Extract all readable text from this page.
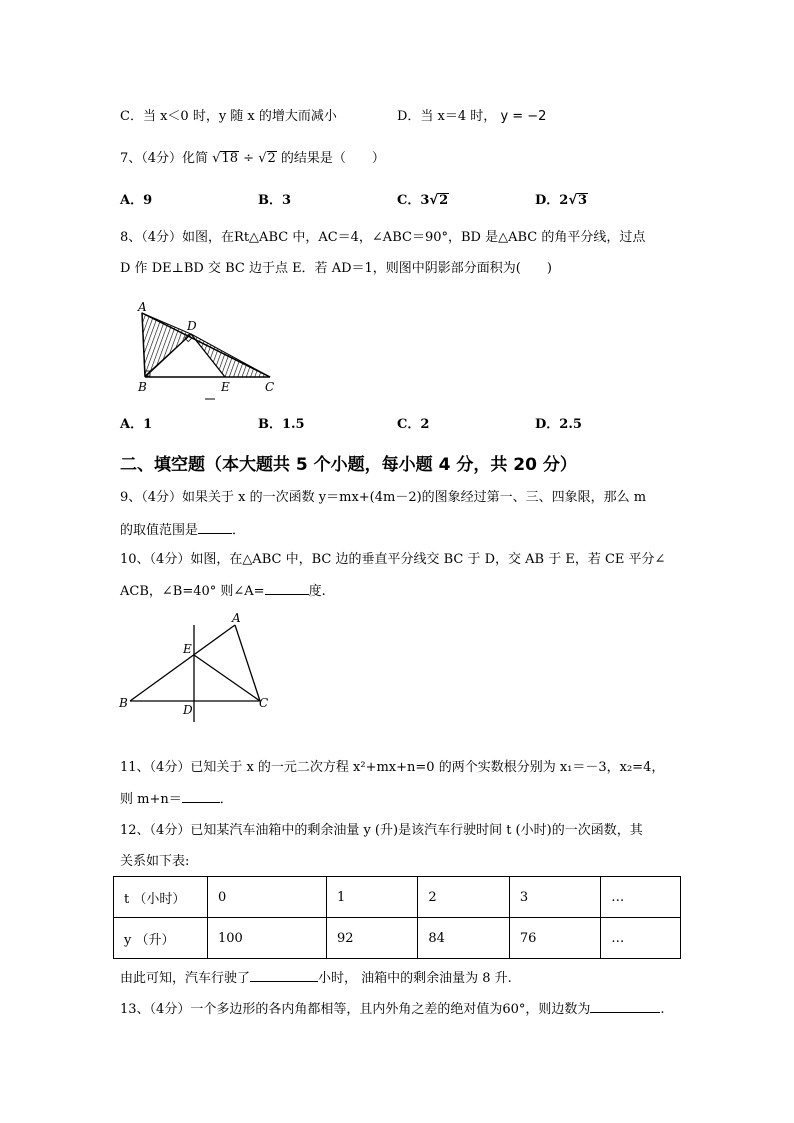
C．当 x＜0 时，y 随 x 的增大而减小	D．当 x＝4 时， y = −2
7、（4分）化简 √18 ÷ √2 的结果是（　　）
A．9	B．3	C．3√2	D．2√3
8、（4分）如图，在Rt△ABC 中，AC＝4，∠ABC＝90°，BD 是△ABC 的角平分线，过点
D 作 DE⊥BD 交 BC 边于点 E．若 AD＝1，则图中阴影部分面积为(　　)
A
D
B	E	C
A．1	B．1.5	C．2	D．2.5
二、填空题（本大题共 5 个小题，每小题 4 分，共 20 分）
9、（4分）如果关于 x 的一次函数 y＝mx+(4m－2)的图象经过第一、三、四象限，那么 m
的取值范围是	．
10、（4分）如图，在△ABC 中，BC 边的垂直平分线交 BC 于 D，交 AB 于 E，若 CE 平分∠
ACB，∠B=40° 则∠A=	度.
A
E
B	D	C
11、（4分）已知关于 x 的一元二次方程 x²+mx+n=0 的两个实数根分别为 x₁＝－3，x₂=4，
则 m+n＝	．
12、（4分）已知某汽车油箱中的剩余油量 y (升)是该汽车行驶时间 t (小时)的一次函数，其
关系如下表:
t （小时）	0	1	2	3	…
y （升）	100	92	84	76	…
由此可知，汽车行驶了	小时， 油箱中的剩余油量为 8 升.
13、（4分）一个多边形的各内角都相等，且内外角之差的绝对值为60°，则边数为	.
